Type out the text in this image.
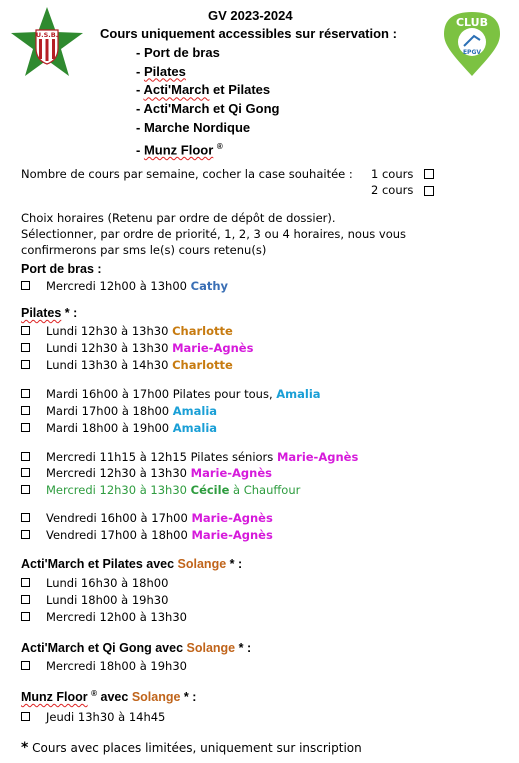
U.S.B.
CLUB
EPGV
GV 2023-2024
Cours uniquement accessibles sur réservation :
- Port de bras
- Pilates
- Acti'March et Pilates
- Acti'March et Qi Gong
- Marche Nordique
- Munz Floor ®
Nombre de cours par semaine, cocher la case souhaitée : 1 cours
2 cours
Choix horaires (Retenu par ordre de dépôt de dossier).
Sélectionner, par ordre de priorité, 1, 2, 3 ou 4 horaires, nous vous
confirmerons par sms le(s) cours retenu(s)
Port de bras :
Mercredi 12h00 à 13h00 Cathy
Pilates * :
Lundi 12h30 à 13h30 Charlotte
Lundi 12h30 à 13h30 Marie-Agnès
Lundi 13h30 à 14h30 Charlotte
Mardi 16h00 à 17h00 Pilates pour tous, Amalia
Mardi 17h00 à 18h00 Amalia
Mardi 18h00 à 19h00 Amalia
Mercredi 11h15 à 12h15 Pilates séniors Marie-Agnès
Mercredi 12h30 à 13h30 Marie-Agnès
Mercredi 12h30 à 13h30 Cécile à Chauffour
Vendredi 16h00 à 17h00 Marie-Agnès
Vendredi 17h00 à 18h00 Marie-Agnès
Acti'March et Pilates avec Solange * :
Lundi 16h30 à 18h00
Lundi 18h00 à 19h30
Mercredi 12h00 à 13h30
Acti'March et Qi Gong avec Solange * :
Mercredi 18h00 à 19h30
Munz Floor ® avec Solange * :
Jeudi 13h30 à 14h45
* Cours avec places limitées, uniquement sur inscription
